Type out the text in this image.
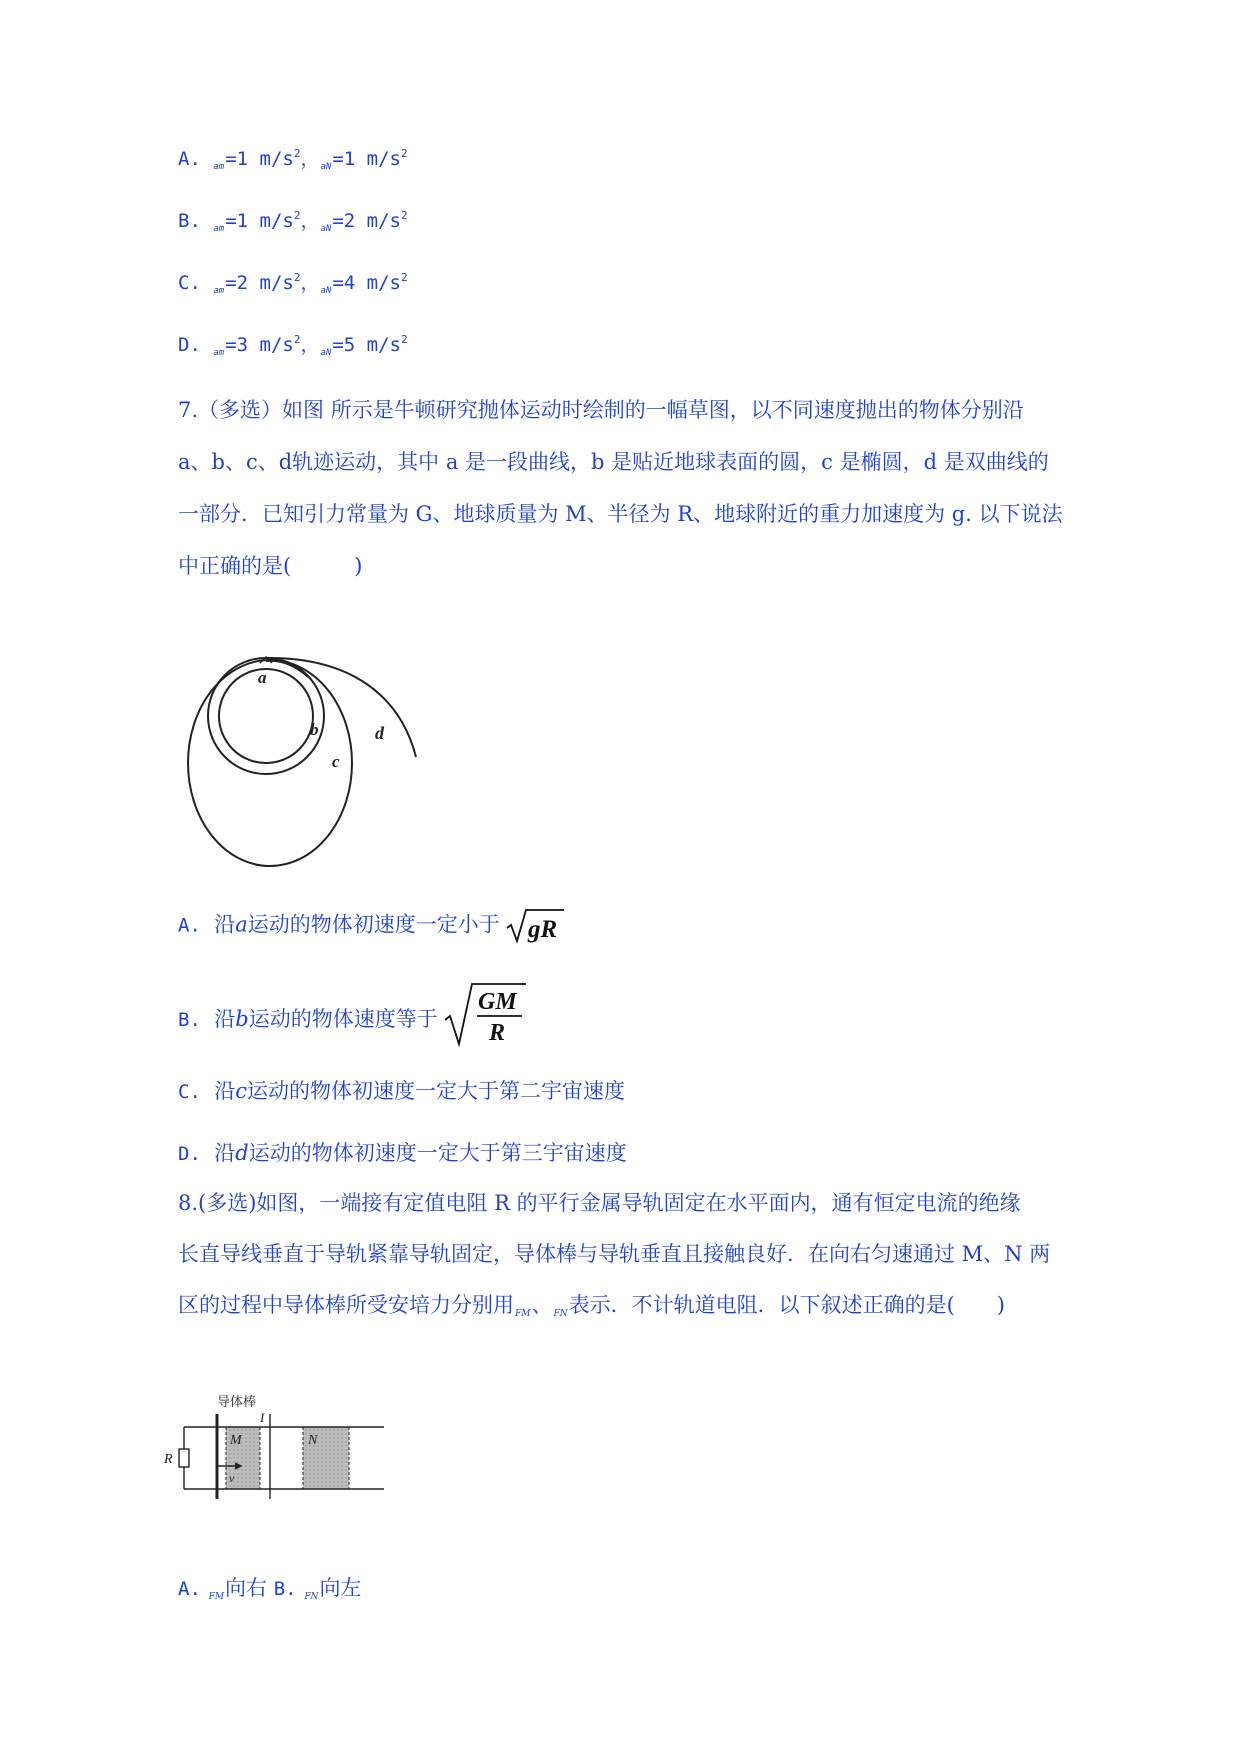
A. $_{am}$=1 $m/s^2$，$_{aN}$=1 $m/s^2$
B. $_{am}$=1 $m/s^2$，$_{aN}$=2 $m/s^2$
C. $_{am}$=2 $m/s^2$，$_{aN}$=4 $m/s^2$
D. $_{am}$=3 $m/s^2$，$_{aN}$=5 $m/s^2$

7.（多选）如图 所示是牛顿研究抛体运动时绘制的一幅草图，以不同速度抛出的物体分别沿

a、b、c、d轨迹运动，其中 a 是一段曲线，b 是贴近地球表面的圆，c 是椭圆，d 是双曲线的

一部分．已知引力常量为 G、地球质量为 M、半径为 R、地球附近的重力加速度为 g. 以下说法

中正确的是(　　　)

a
b
c
d
A. 沿a运动的物体初速度一定小于 gR
B. 沿b运动的物体速度等于
GM
R
C. 沿c运动的物体初速度一定大于第二宇宙速度
D. 沿d运动的物体初速度一定大于第三宇宙速度

8.(多选)如图，一端接有定值电阻 R 的平行金属导轨固定在水平面内，通有恒定电流的绝缘

长直导线垂直于导轨紧靠导轨固定，导体棒与导轨垂直且接触良好．在向右匀速通过 M、N 两

区的过程中导体棒所受安培力分别用$_{FM}$、$_{FN}$表示．不计轨道电阻．以下叙述正确的是(　　)

导体棒
I
M	N
R
v
A. $_{FM}$向右 B. $_{FN}$向左
